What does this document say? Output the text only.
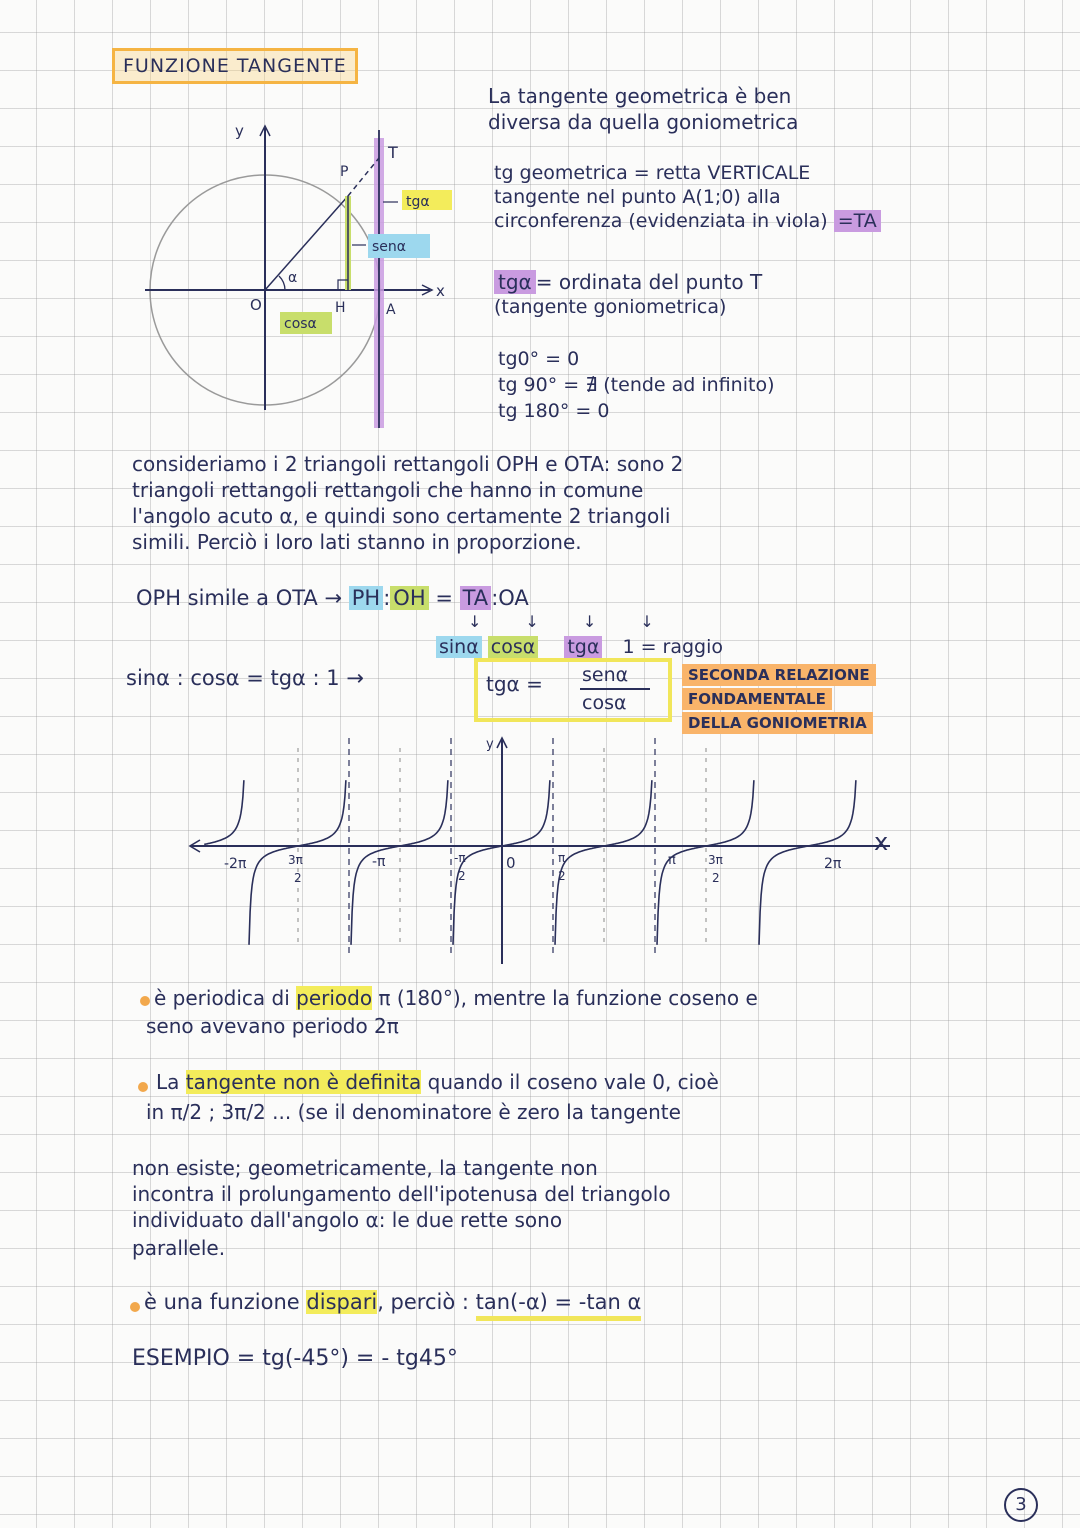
FUNZIONE TANGENTE
y
x
O
P
T
H	A
α
tgα
senα
cosα
La tangente geometrica è ben
diversa da quella goniometrica
tg geometrica = retta VERTICALE
tangente nel punto A(1;0) alla
circonferenza (evidenziata in viola) =TA
tgα = ordinata del punto T
(tangente goniometrica)
tg0° = 0
tg 90° = ∄ (tende ad infinito)
tg 180° = 0
consideriamo i 2 triangoli rettangoli OPH e OTA: sono 2
triangoli rettangoli rettangoli che hanno in comune
l'angolo acuto α, e quindi sono certamente 2 triangoli
simili. Perciò i loro lati stanno in proporzione.
OPH simile a OTA → PH : OH = TA :OA
↓↓↓↓
sinα cosα tgα 1 = raggio
sinα : cosα = tgα : 1 →	tgα = senα
cosα
SECONDA RELAZIONE
FONDAMENTALE
DELLA GONIOMETRIA
x
y
0
-2π	3π
2
-π	-π
2
π
2
π	3π
2
2π
è periodica di periodo π (180°), mentre la funzione coseno e
seno avevano periodo 2π
La tangente non è definita quando il coseno vale 0, cioè
in π/2 ; 3π/2 ... (se il denominatore è zero la tangente
non esiste; geometricamente, la tangente non
incontra il prolungamento dell'ipotenusa del triangolo
individuato dall'angolo α: le due rette sono
parallele.
è una funzione dispari, perciò : tan(-α) = -tan α
ESEMPIO = tg(-45°) = - tg45°
3
